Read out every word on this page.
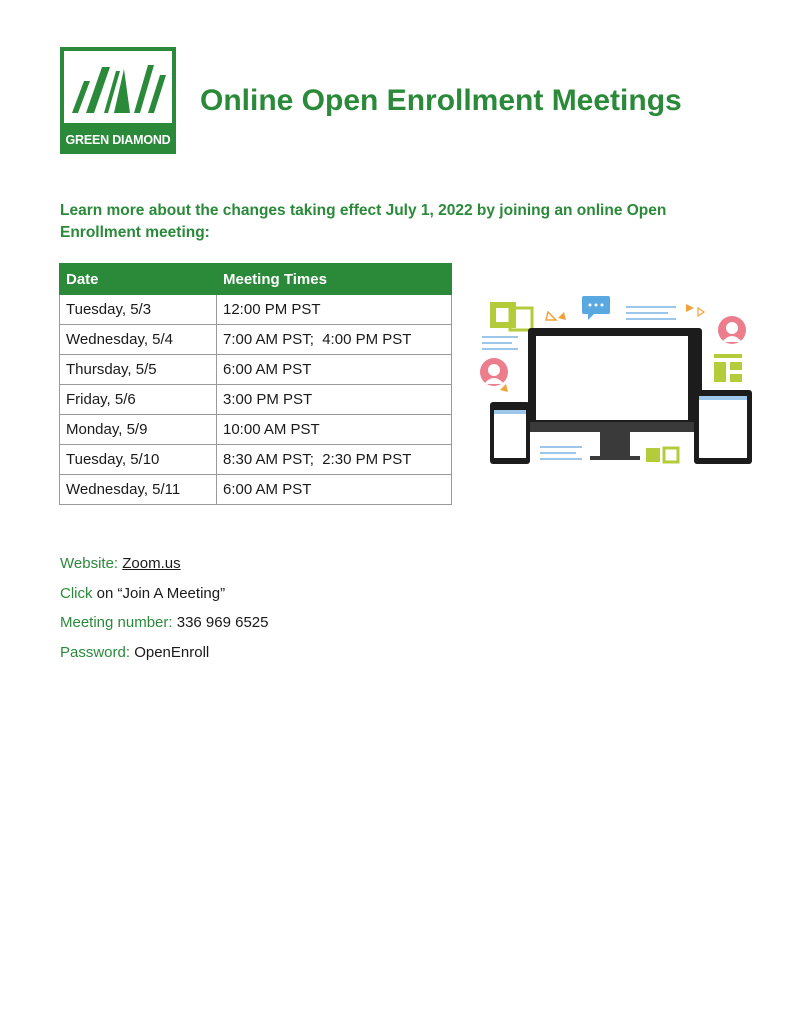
GREEN DIAMOND
Online Open Enrollment Meetings

Learn more about the changes taking effect July 1, 2022 by joining an online Open Enrollment meeting:

Date	Meeting Times
Tuesday, 5/3	12:00 PM PST
Wednesday, 5/4	7:00 AM PST;  4:00 PM PST
Thursday, 5/5	6:00 AM PST
Friday, 5/6	3:00 PM PST
Monday, 5/9	10:00 AM PST
Tuesday, 5/10	8:30 AM PST;  2:30 PM PST
Wednesday, 5/11	6:00 AM PST
Website: Zoom.us
Click on “Join A Meeting”
Meeting number: 336 969 6525
Password: OpenEnroll
